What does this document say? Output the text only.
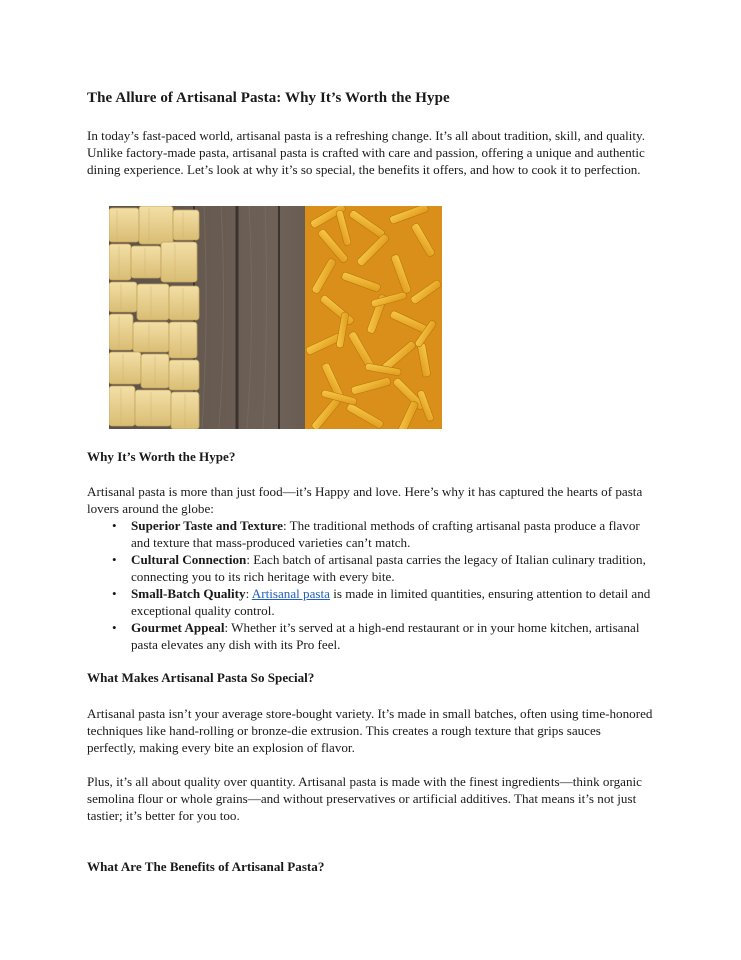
The Allure of Artisanal Pasta: Why It’s Worth the Hype

In today’s fast-paced world, artisanal pasta is a refreshing change. It’s all about tradition, skill, and quality. Unlike factory-made pasta, artisanal pasta is crafted with care and passion, offering a unique and authentic dining experience. Let’s look at why it’s so special, the benefits it offers, and how to cook it to perfection.

Why It’s Worth the Hype?

Artisanal pasta is more than just food—it’s Happy and love. Here’s why it has captured the hearts of pasta lovers around the globe:

• Superior Taste and Texture: The traditional methods of crafting artisanal pasta produce a flavor and texture that mass-produced varieties can’t match.
• Cultural Connection: Each batch of artisanal pasta carries the legacy of Italian culinary tradition, connecting you to its rich heritage with every bite.
• Small-Batch Quality: Artisanal pasta is made in limited quantities, ensuring attention to detail and exceptional quality control.
• Gourmet Appeal: Whether it’s served at a high-end restaurant or in your home kitchen, artisanal pasta elevates any dish with its Pro feel.
What Makes Artisanal Pasta So Special?

Artisanal pasta isn’t your average store-bought variety. It’s made in small batches, often using time-honored techniques like hand-rolling or bronze-die extrusion. This creates a rough texture that grips sauces perfectly, making every bite an explosion of flavor.

Plus, it’s all about quality over quantity. Artisanal pasta is made with the finest ingredients—think organic semolina flour or whole grains—and without preservatives or artificial additives. That means it’s not just tastier; it’s better for you too.

What Are The Benefits of Artisanal Pasta?
